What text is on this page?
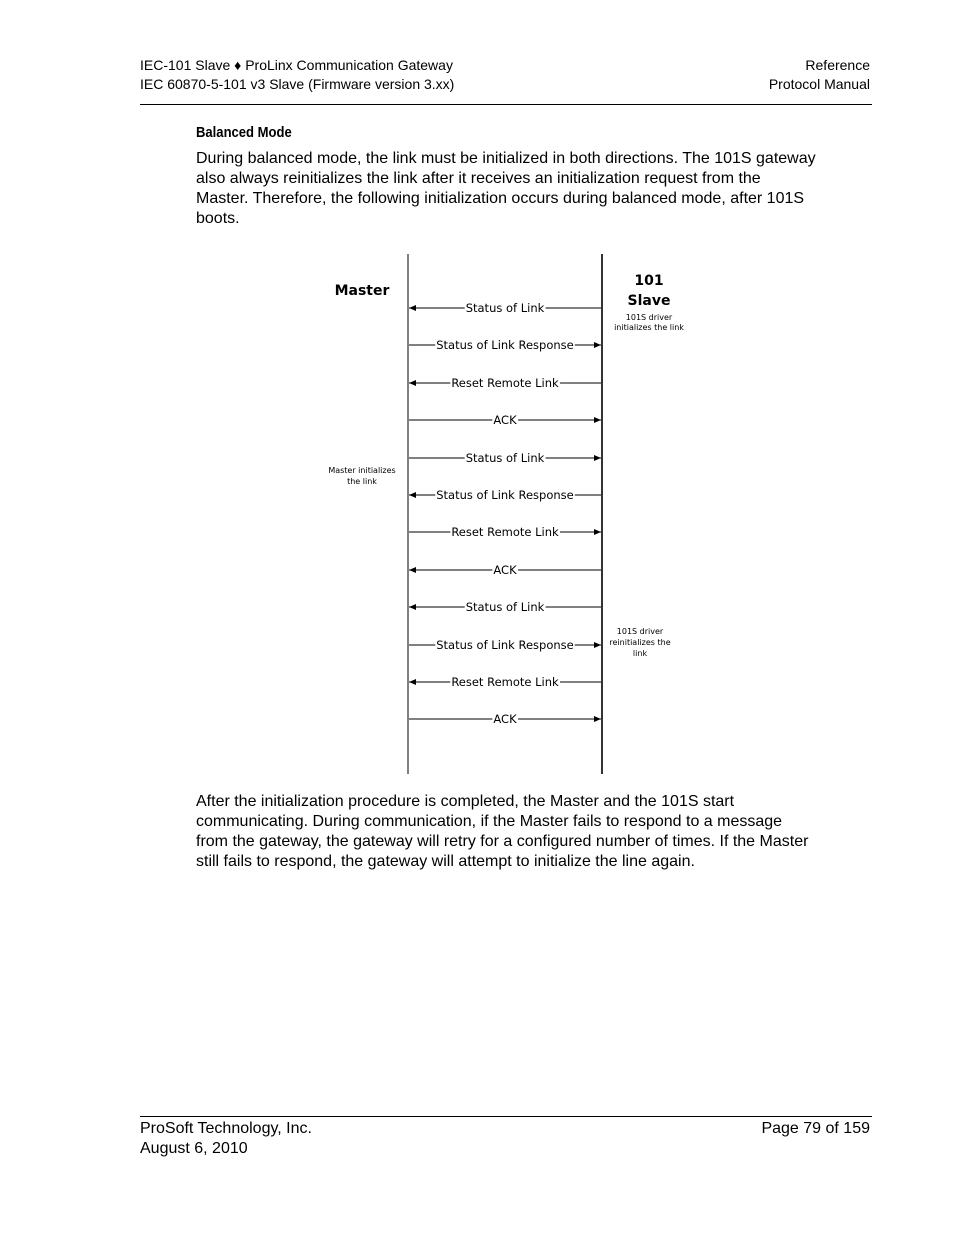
IEC-101 Slave ♦ ProLinx Communication Gateway
IEC 60870-5-101 v3 Slave (Firmware version 3.xx)
Reference
Protocol Manual
Balanced Mode
During balanced mode, the link must be initialized in both directions. The 101S gateway also always reinitializes the link after it receives an initialization request from the Master. Therefore, the following initialization occurs during balanced mode, after 101S boots.
Master
101
Slave
101S driver
initializes the link
Master initializes
the link
101S driver
reinitializes the
link
Status of Link
Status of Link Response
Reset Remote Link
ACK
Status of Link
Status of Link Response
Reset Remote Link
ACK
Status of Link
Status of Link Response
Reset Remote Link
ACK
After the initialization procedure is completed, the Master and the 101S start communicating. During communication, if the Master fails to respond to a message from the gateway, the gateway will retry for a configured number of times. If the Master still fails to respond, the gateway will attempt to initialize the line again.
ProSoft Technology, Inc.
August 6, 2010
Page 79 of 159
